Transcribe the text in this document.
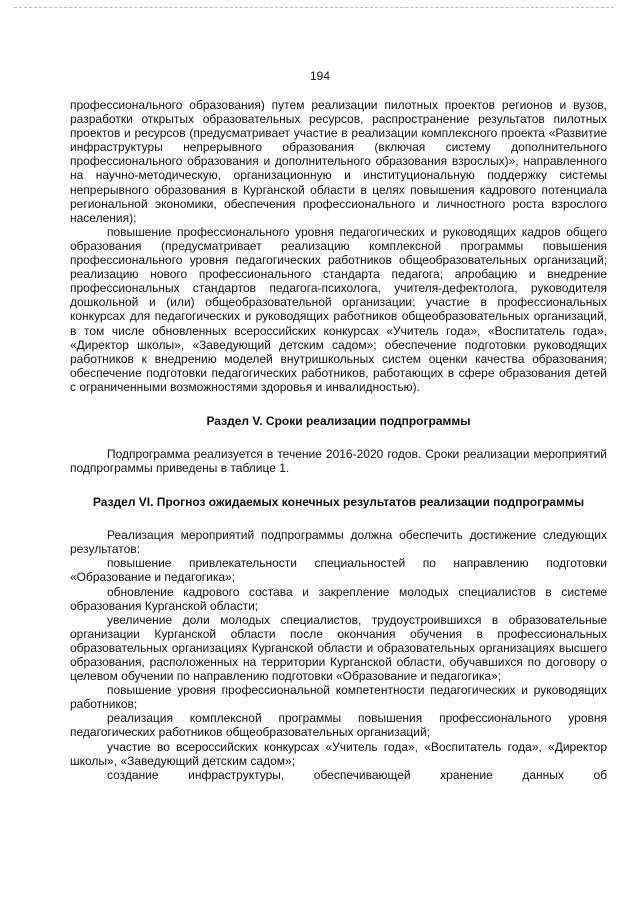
194

профессионального образования) путем реализации пилотных проектов регионов и вузов, разработки открытых образовательных ресурсов, распространение результатов пилотных проектов и ресурсов (предусматривает участие в реализации комплексного проекта «Развитие инфраструктуры непрерывного образования (включая систему дополнительного профессионального образования и дополнительного образования взрослых)», направленного на научно-методическую, организационную и институциональную поддержку системы непрерывного образования в Курганской области в целях повышения кадрового потенциала региональной экономики, обеспечения профессионального и личностного роста взрослого населения);

повышение профессионального уровня педагогических и руководящих кадров общего образования (предусматривает реализацию комплексной программы повышения профессионального уровня педагогических работников общеобразовательных организаций; реализацию нового профессионального стандарта педагога; апробацию и внедрение профессиональных стандартов педагога-психолога, учителя-дефектолога, руководителя дошкольной и (или) общеобразовательной организации; участие в профессиональных конкурсах для педагогических и руководящих работников общеобразовательных организаций, в том числе обновленных всероссийских конкурсах «Учитель года», «Воспитатель года», «Директор школы», «Заведующий детским садом»; обеспечение подготовки руководящих работников к внедрению моделей внутришкольных систем оценки качества образования; обеспечение подготовки педагогических работников, работающих в сфере образования детей с ограниченными возможностями здоровья и инвалидностью).

Раздел V. Сроки реализации подпрограммы

Подпрограмма реализуется в течение 2016-2020 годов. Сроки реализации мероприятий подпрограммы приведены в таблице 1.

Раздел VI. Прогноз ожидаемых конечных результатов реализации подпрограммы

Реализация мероприятий подпрограммы должна обеспечить достижение следующих результатов:

повышение привлекательности специальностей по направлению подготовки «Образование и педагогика»;

обновление кадрового состава и закрепление молодых специалистов в системе образования Курганской области;

увеличение доли молодых специалистов, трудоустроившихся в образовательные организации Курганской области после окончания обучения в профессиональных образовательных организациях Курганской области и образовательных организациях высшего образования, расположенных на территории Курганской области, обучавшихся по договору о целевом обучении по направлению подготовки «Образование и педагогика»;

повышение уровня профессиональной компетентности педагогических и руководящих работников;

реализация комплексной программы повышения профессионального уровня педагогических работников общеобразовательных организаций;

участие во всероссийских конкурсах «Учитель года», «Воспитатель года», «Директор школы», «Заведующий детским садом»;

создание инфраструктуры, обеспечивающей хранение данных об
